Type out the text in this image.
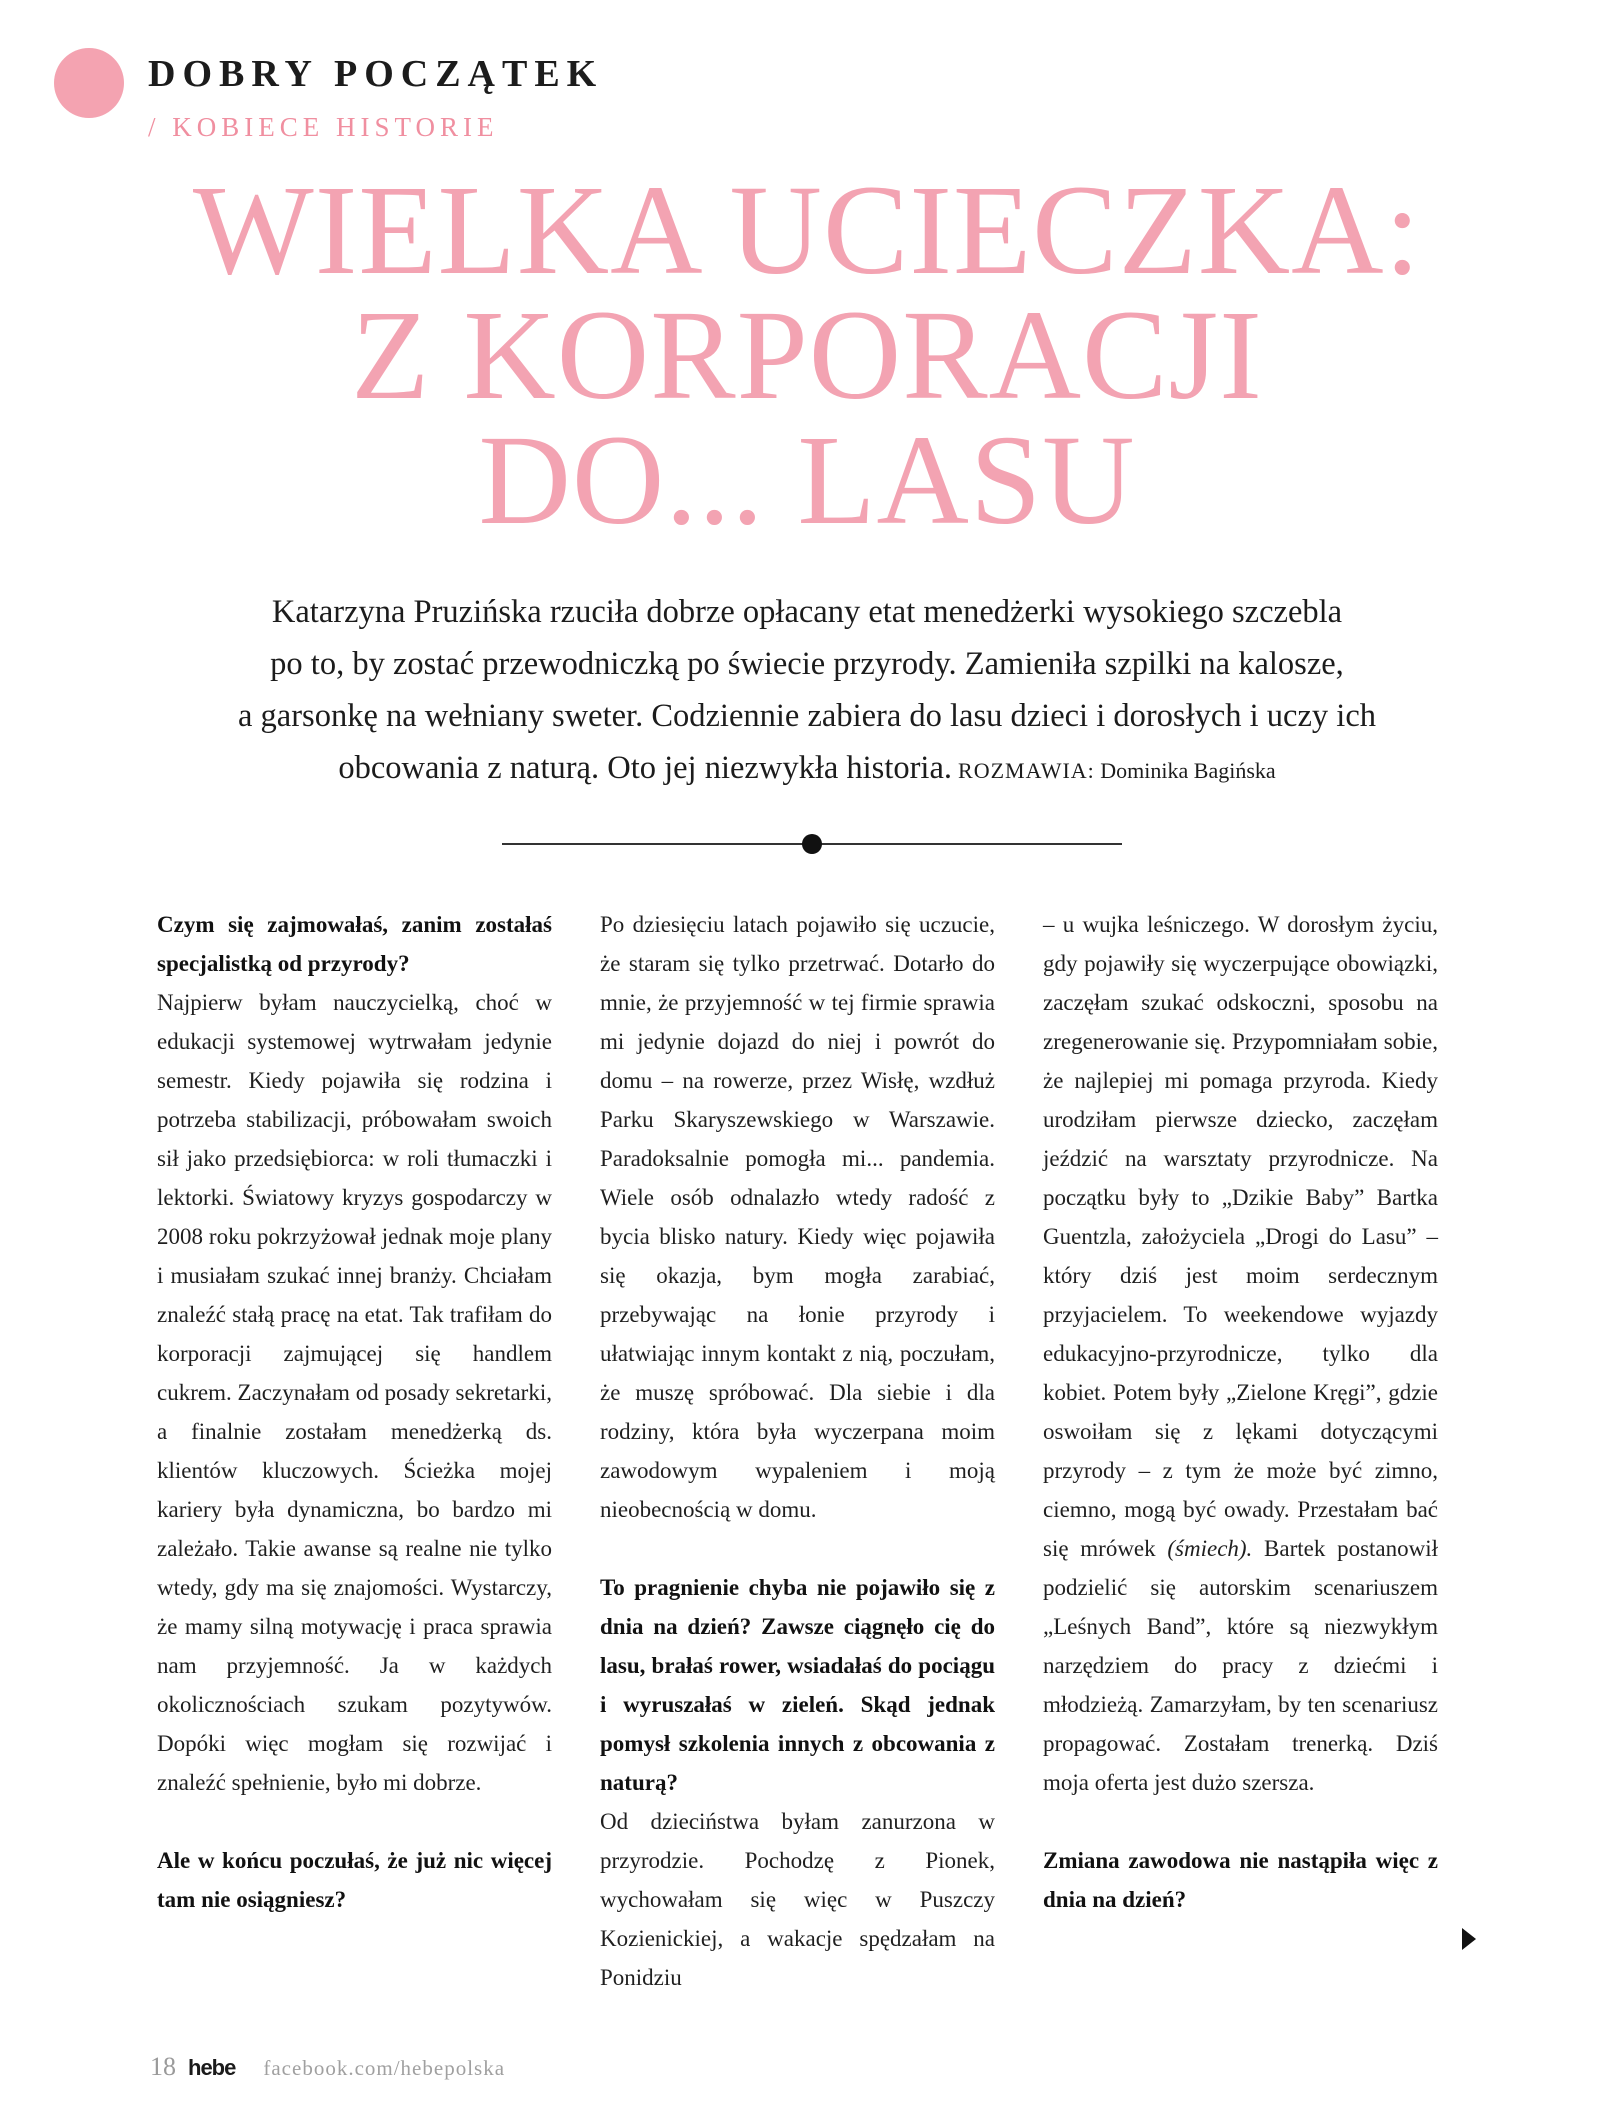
DOBRY POCZĄTEK
/ KOBIECE HISTORIE
WIELKA UCIECZKA:
Z KORPORACJI
DO... LASU
Katarzyna Pruzińska rzuciła dobrze opłacany etat menedżerki wysokiego szczebla
po to, by zostać przewodniczką po świecie przyrody. Zamieniła szpilki na kalosze,
a garsonkę na wełniany sweter. Codziennie zabiera do lasu dzieci i dorosłych i uczy ich
obcowania z naturą. Oto jej niezwykła historia. ROZMAWIA: Dominika Bagińska

Czym się zajmowałaś, zanim zostałaś specjalistką od przyrody?

Najpierw byłam nauczycielką, choć w edukacji systemowej wytrwałam jedynie semestr. Kiedy pojawiła się rodzina i potrzeba stabilizacji, próbowałam swoich sił jako przedsiębiorca: w roli tłumaczki i lektorki. Światowy kryzys gospodarczy w 2008 roku pokrzyżował jednak moje plany i musiałam szukać innej branży. Chciałam znaleźć stałą pracę na etat. Tak trafiłam do korporacji zajmującej się handlem cukrem. Zaczynałam od posady sekretarki, a finalnie zostałam menedżerką ds. klientów kluczowych. Ścieżka mojej kariery była dynamiczna, bo bardzo mi zależało. Takie awanse są realne nie tylko wtedy, gdy ma się znajomości. Wystarczy, że mamy silną motywację i praca sprawia nam przyjemność. Ja w każdych okolicznościach szukam pozytywów. Dopóki więc mogłam się rozwijać i znaleźć spełnienie, było mi dobrze.

Ale w końcu poczułaś, że już nic więcej tam nie osiągniesz?

Po dziesięciu latach pojawiło się uczucie, że staram się tylko przetrwać. Dotarło do mnie, że przyjemność w tej firmie sprawia mi jedynie dojazd do niej i powrót do domu – na rowerze, przez Wisłę, wzdłuż Parku Skaryszewskiego w Warszawie. Paradoksalnie pomogła mi... pandemia. Wiele osób odnalazło wtedy radość z bycia blisko natury. Kiedy więc pojawiła się okazja, bym mogła zarabiać, przebywając na łonie przyrody i ułatwiając innym kontakt z nią, poczułam, że muszę spróbować. Dla siebie i dla rodziny, która była wyczerpana moim zawodowym wypaleniem i moją nieobecnością w domu.

To pragnienie chyba nie pojawiło się z dnia na dzień? Zawsze ciągnęło cię do lasu, brałaś rower, wsiadałaś do pociągu i wyruszałaś w zieleń. Skąd jednak pomysł szkolenia innych z obcowania z naturą?

Od dzieciństwa byłam zanurzona w przyrodzie. Pochodzę z Pionek, wychowałam się więc w Puszczy Kozienickiej, a wakacje spędzałam na Ponidziu

– u wujka leśniczego. W dorosłym życiu, gdy pojawiły się wyczerpujące obowiązki, zaczęłam szukać odskoczni, sposobu na zregenerowanie się. Przypomniałam sobie, że najlepiej mi pomaga przyroda. Kiedy urodziłam pierwsze dziecko, zaczęłam jeździć na warsztaty przyrodnicze. Na początku były to „Dzikie Baby” Bartka Guentzla, założyciela „Drogi do Lasu” – który dziś jest moim serdecznym przyjacielem. To weekendowe wyjazdy edukacyjno-przyrodnicze, tylko dla kobiet. Potem były „Zielone Kręgi”, gdzie oswoiłam się z lękami dotyczącymi przyrody – z tym że może być zimno, ciemno, mogą być owady. Przestałam bać się mrówek (śmiech). Bartek postanowił podzielić się autorskim scenariuszem „Leśnych Band”, które są niezwykłym narzędziem do pracy z dziećmi i młodzieżą. Zamarzyłam, by ten scenariusz propagować. Zostałam trenerką. Dziś moja oferta jest dużo szersza.

Zmiana zawodowa nie nastąpiła więc z dnia na dzień?

18 hebe facebook.com/hebepolska
